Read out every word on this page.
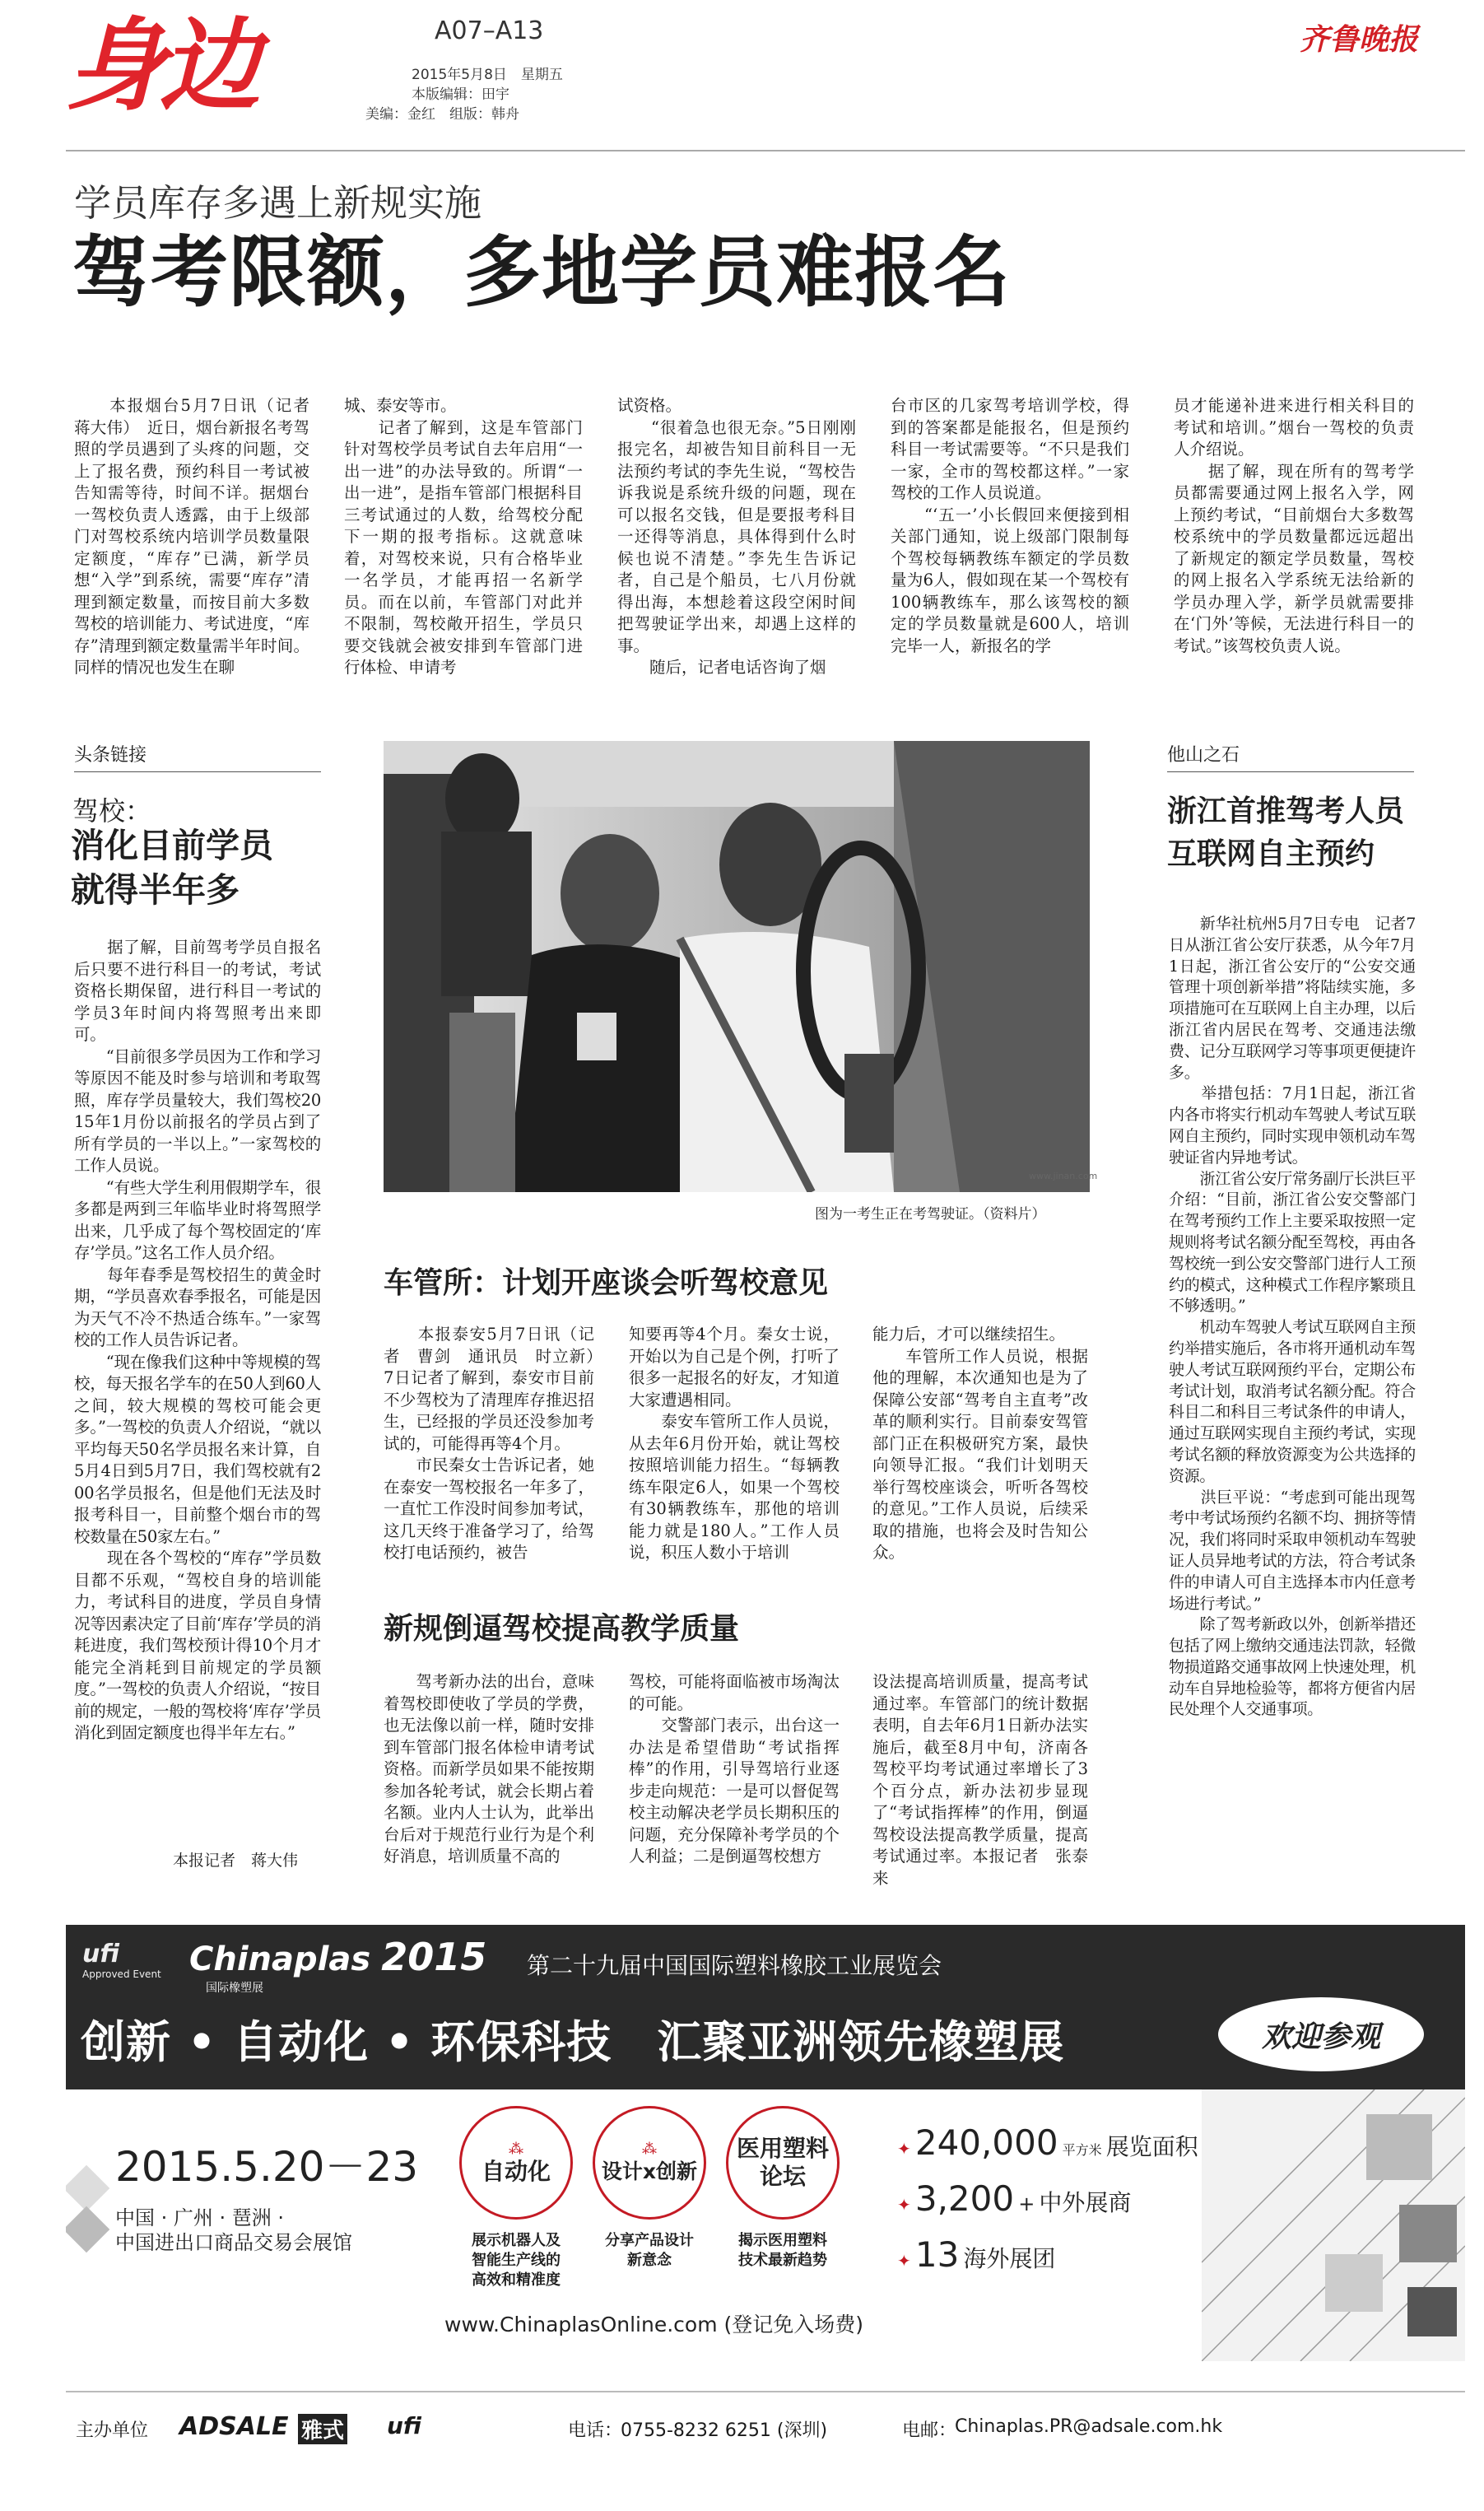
身边	A07–A13
2015年5月8日　星期五
本版编辑：田宇
美编：金红　组版：韩舟
齐鲁晚报
学员库存多遇上新规实施
驾考限额，多地学员难报名
　　本报烟台5月7日讯（记者　蒋大伟）　近日，烟台新报名考驾照的学员遇到了头疼的问题，交上了报名费，预约科目一考试被告知需等待，时间不详。据烟台一驾校负责人透露，由于上级部门对驾校系统内培训学员数量限定额度，“库存”已满，新学员想“入学”到系统，需要“库存”清理到额定数量，而按目前大多数驾校的培训能力、考试进度，“库存”清理到额定数量需半年时间。同样的情况也发生在聊
城、泰安等市。
　　记者了解到，这是车管部门针对驾校学员考试自去年启用“一出一进”的办法导致的。所谓“一出一进”，是指车管部门根据科目三考试通过的人数，给驾校分配下一期的报考指标。这就意味着，对驾校来说，只有合格毕业一名学员，才能再招一名新学员。而在以前，车管部门对此并不限制，驾校敞开招生，学员只要交钱就会被安排到车管部门进行体检、申请考
试资格。
　　“很着急也很无奈。”5日刚刚报完名，却被告知目前科目一无法预约考试的李先生说，“驾校告诉我说是系统升级的问题，现在可以报名交钱，但是要报考科目一还得等消息，具体得到什么时候也说不清楚。”李先生告诉记者，自己是个船员，七八月份就得出海，本想趁着这段空闲时间把驾驶证学出来，却遇上这样的事。
　　随后，记者电话咨询了烟
台市区的几家驾考培训学校，得到的答案都是能报名，但是预约科目一考试需要等。“不只是我们一家，全市的驾校都这样。”一家驾校的工作人员说道。
　　“‘五一’小长假回来便接到相关部门通知，说上级部门限制每个驾校每辆教练车额定的学员数量为6人，假如现在某一个驾校有100辆教练车，那么该驾校的额定的学员数量就是600人，培训完毕一人，新报名的学
员才能递补进来进行相关科目的考试和培训。”烟台一驾校的负责人介绍说。
　　据了解，现在所有的驾考学员都需要通过网上报名入学，网上预约考试，“目前烟台大多数驾校系统中的学员数量都远远超出了新规定的额定学员数量，驾校的网上报名入学系统无法给新的学员办理入学，新学员就需要排在‘门外’等候，无法进行科目一的考试。”该驾校负责人说。
头条链接
驾校：
消化目前学员
就得半年多
　　据了解，目前驾考学员自报名后只要不进行科目一的考试，考试资格长期保留，进行科目一考试的学员3年时间内将驾照考出来即可。
　　“目前很多学员因为工作和学习等原因不能及时参与培训和考取驾照，库存学员量较大，我们驾校2015年1月份以前报名的学员占到了所有学员的一半以上。”一家驾校的工作人员说。
　　“有些大学生利用假期学车，很多都是两到三年临毕业时将驾照学出来，几乎成了每个驾校固定的‘库存’学员。”这名工作人员介绍。
　　每年春季是驾校招生的黄金时期，“学员喜欢春季报名，可能是因为天气不冷不热适合练车。”一家驾校的工作人员告诉记者。
　　“现在像我们这种中等规模的驾校，每天报名学车的在50人到60人之间，较大规模的驾校可能会更多。”一驾校的负责人介绍说，“就以平均每天50名学员报名来计算，自5月4日到5月7日，我们驾校就有200名学员报名，但是他们无法及时报考科目一，目前整个烟台市的驾校数量在50家左右。”
　　现在各个驾校的“库存”学员数目都不乐观，“驾校自身的培训能力，考试科目的进度，学员自身情况等因素决定了目前‘库存’学员的消耗进度，我们驾校预计得10个月才能完全消耗到目前规定的学员额度。”一驾校的负责人介绍说，“按目前的规定，一般的驾校将‘库存’学员消化到固定额度也得半年左右。”
本报记者　蒋大伟
www.jinan.com
图为一考生正在考驾驶证。（资料片）
车管所：计划开座谈会听驾校意见
　　本报泰安5月7日讯（记者　曹剑　通讯员　时立新）　7日记者了解到，泰安市目前不少驾校为了清理库存推迟招生，已经报的学员还没参加考试的，可能得再等4个月。
　　市民秦女士告诉记者，她在泰安一驾校报名一年多了，一直忙工作没时间参加考试，这几天终于准备学习了，给驾校打电话预约，被告
知要再等4个月。秦女士说，开始以为自己是个例，打听了很多一起报名的好友，才知道大家遭遇相同。
　　泰安车管所工作人员说，从去年6月份开始，就让驾校按照培训能力招生。“每辆教练车限定6人，如果一个驾校有30辆教练车，那他的培训能力就是180人。”工作人员说，积压人数小于培训
能力后，才可以继续招生。
　　车管所工作人员说，根据他的理解，本次通知也是为了保障公安部“驾考自主直考”改革的顺利实行。目前泰安驾管部门正在积极研究方案，最快向领导汇报。“我们计划明天举行驾校座谈会，听听各驾校的意见。”工作人员说，后续采取的措施，也将会及时告知公众。
新规倒逼驾校提高教学质量
　　驾考新办法的出台，意味着驾校即使收了学员的学费，也无法像以前一样，随时安排到车管部门报名体检申请考试资格。而新学员如果不能按期参加各轮考试，就会长期占着名额。业内人士认为，此举出台后对于规范行业行为是个利好消息，培训质量不高的
驾校，可能将面临被市场淘汰的可能。
　　交警部门表示，出台这一办法是希望借助“考试指挥棒”的作用，引导驾培行业逐步走向规范：一是可以督促驾校主动解决老学员长期积压的问题，充分保障补考学员的个人利益；二是倒逼驾校想方
设法提高培训质量，提高考试通过率。车管部门的统计数据表明，自去年6月1日新办法实施后，截至8月中旬，济南各驾校平均考试通过率增长了3个百分点，新办法初步显现了“考试指挥棒”的作用，倒逼驾校设法提高教学质量，提高考试通过率。本报记者　张泰来
他山之石
浙江首推驾考人员
互联网自主预约
　　新华社杭州5月7日专电　记者7日从浙江省公安厅获悉，从今年7月1日起，浙江省公安厅的“公安交通管理十项创新举措”将陆续实施，多项措施可在互联网上自主办理，以后浙江省内居民在驾考、交通违法缴费、记分互联网学习等事项更便捷许多。
　　举措包括：7月1日起，浙江省内各市将实行机动车驾驶人考试互联网自主预约，同时实现申领机动车驾驶证省内异地考试。
　　浙江省公安厅常务副厅长洪巨平介绍：“目前，浙江省公安交警部门在驾考预约工作上主要采取按照一定规则将考试名额分配至驾校，再由各驾校统一到公安交警部门进行人工预约的模式，这种模式工作程序繁琐且不够透明。”
　　机动车驾驶人考试互联网自主预约举措实施后，各市将开通机动车驾驶人考试互联网预约平台，定期公布考试计划，取消考试名额分配。符合科目二和科目三考试条件的申请人，通过互联网实现自主预约考试，实现考试名额的释放资源变为公共选择的资源。
　　洪巨平说：“考虑到可能出现驾考中考试场预约名额不均、拥挤等情况，我们将同时采取申领机动车驾驶证人员异地考试的方法，符合考试条件的申请人可自主选择本市内任意考场进行考试。”
　　除了驾考新政以外，创新举措还包括了网上缴纳交通违法罚款，轻微物损道路交通事故网上快速处理，机动车自异地检验等，都将方便省内居民处理个人交通事项。
ufi
Approved Event Chinaplas 2015
国际橡塑展
第二十九届中国国际塑料橡胶工业展览会
创新 • 自动化 • 环保科技　汇聚亚洲领先橡塑展	欢迎参观
2015.5.20－23
中国 · 广州 · 琶洲 ·
中国进出口商品交易会展馆
⁂
自动化
展示机器人及
智能生产线的
高效和精准度
⁂
设计x创新
分享产品设计
新意念
医用塑料
论坛
揭示医用塑料
技术最新趋势
✦ 240,000 平方米 展览面积
✦ 3,200 + 中外展商
✦ 13 海外展团
www.ChinaplasOnline.com (登记免入场费)
主办单位 ADSALE 雅式 ufi	电话：
0755-8232 6251 (深圳)	电邮：
Chinaplas.PR@adsale.com.hk
